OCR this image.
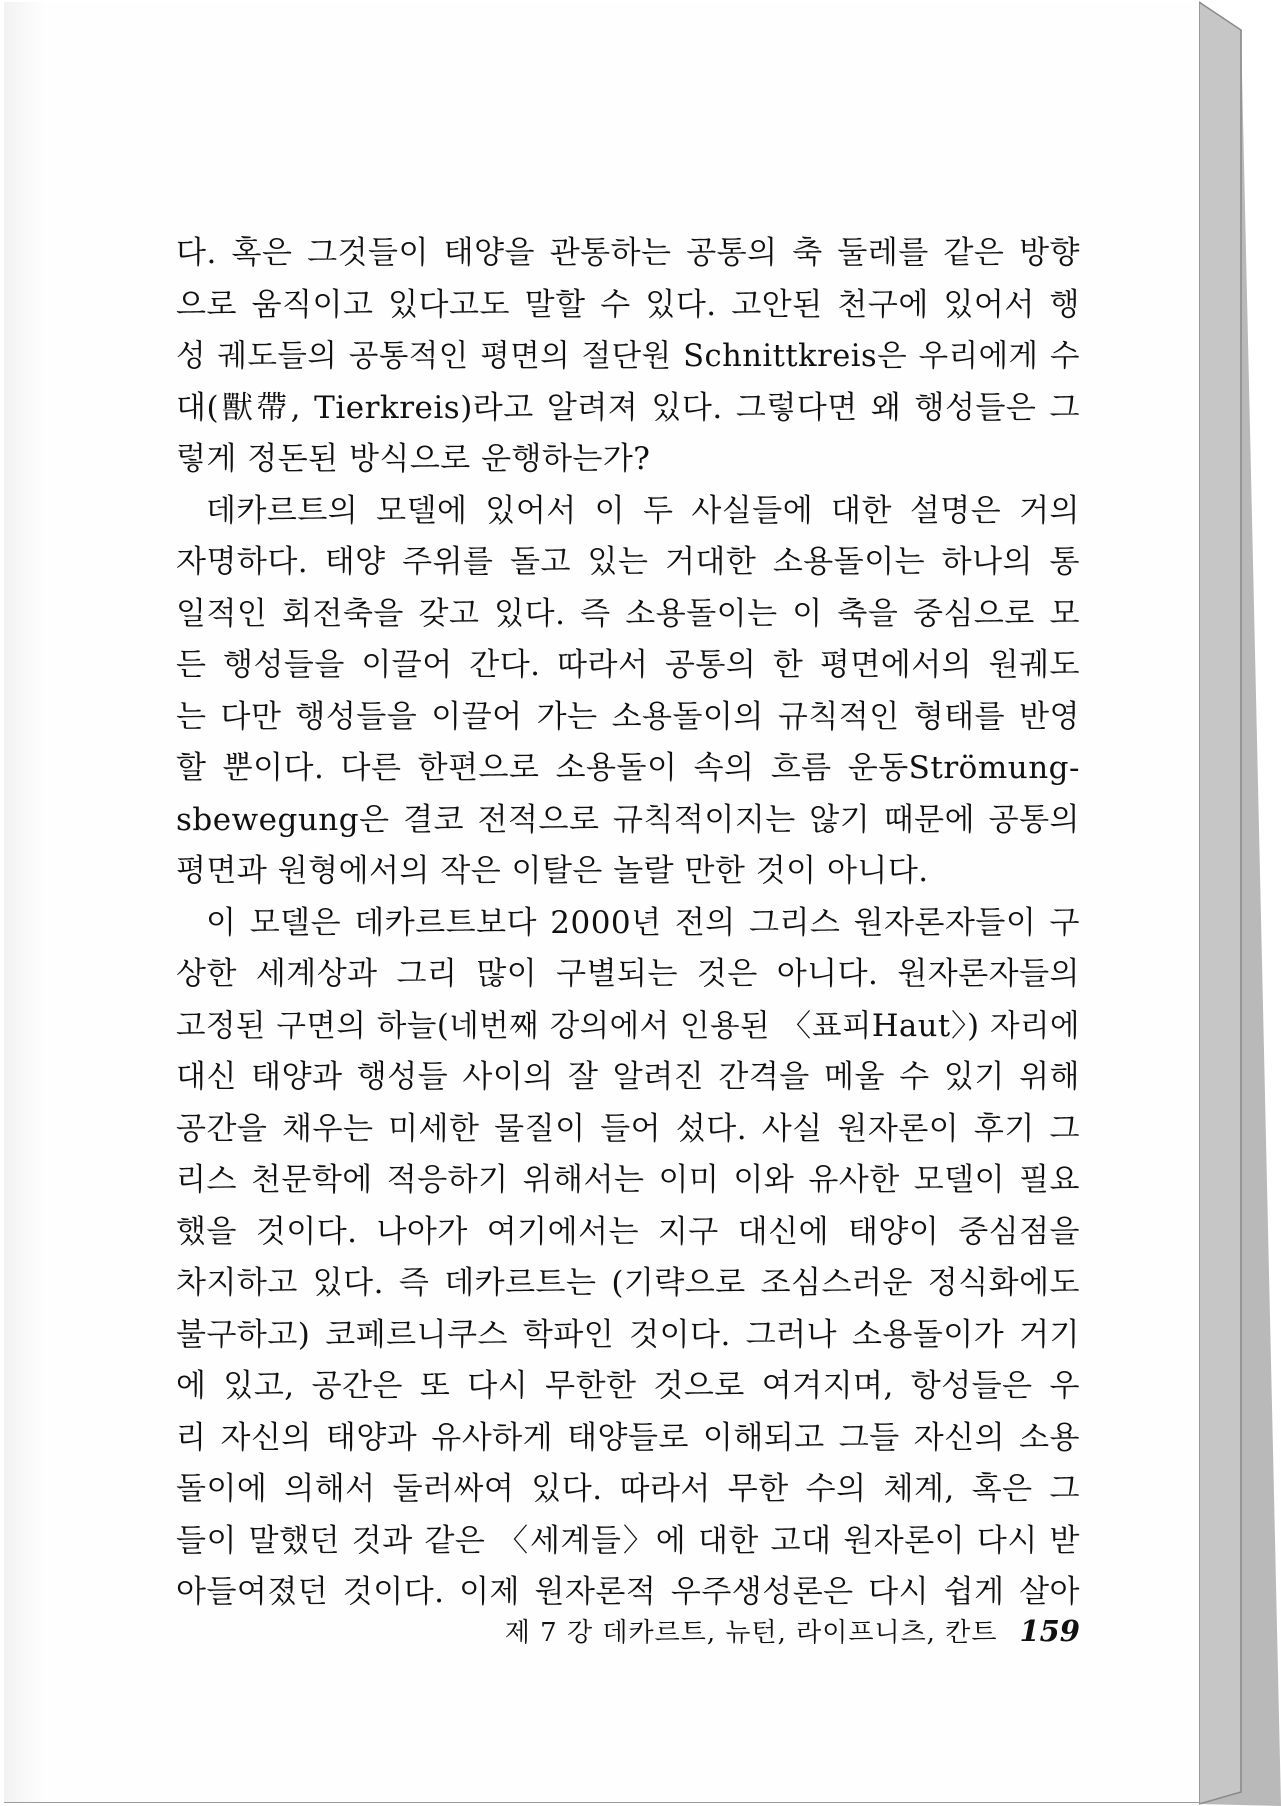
다. 혹은 그것들이 태양을 관통하는 공통의 축 둘레를 같은 방향
으로 움직이고 있다고도 말할 수 있다. 고안된 천구에 있어서 행
성 궤도들의 공통적인 평면의 절단원 Schnittkreis은 우리에게 수
대(獸帶, Tierkreis)라고 알려져 있다. 그렇다면 왜 행성들은 그
렇게 정돈된 방식으로 운행하는가?
데카르트의 모델에 있어서 이 두 사실들에 대한 설명은 거의
자명하다. 태양 주위를 돌고 있는 거대한 소용돌이는 하나의 통
일적인 회전축을 갖고 있다. 즉 소용돌이는 이 축을 중심으로 모
든 행성들을 이끌어 간다. 따라서 공통의 한 평면에서의 원궤도
는 다만 행성들을 이끌어 가는 소용돌이의 규칙적인 형태를 반영
할 뿐이다. 다른 한편으로 소용돌이 속의 흐름 운동Strömung-
sbewegung은 결코 전적으로 규칙적이지는 않기 때문에 공통의
평면과 원형에서의 작은 이탈은 놀랄 만한 것이 아니다.
이 모델은 데카르트보다 2000년 전의 그리스 원자론자들이 구
상한 세계상과 그리 많이 구별되는 것은 아니다. 원자론자들의
고정된 구면의 하늘(네번째 강의에서 인용된 〈표피Haut〉) 자리에
대신 태양과 행성들 사이의 잘 알려진 간격을 메울 수 있기 위해
공간을 채우는 미세한 물질이 들어 섰다. 사실 원자론이 후기 그
리스 천문학에 적응하기 위해서는 이미 이와 유사한 모델이 필요
했을 것이다. 나아가 여기에서는 지구 대신에 태양이 중심점을
차지하고 있다. 즉 데카르트는 (기략으로 조심스러운 정식화에도
불구하고) 코페르니쿠스 학파인 것이다. 그러나 소용돌이가 거기
에 있고, 공간은 또 다시 무한한 것으로 여겨지며, 항성들은 우
리 자신의 태양과 유사하게 태양들로 이해되고 그들 자신의 소용
돌이에 의해서 둘러싸여 있다. 따라서 무한 수의 체계, 혹은 그
들이 말했던 것과 같은 〈세계들〉에 대한 고대 원자론이 다시 받
아들여졌던 것이다. 이제 원자론적 우주생성론은 다시 쉽게 살아
제 7 강 데카르트, 뉴턴, 라이프니츠, 칸트 159
